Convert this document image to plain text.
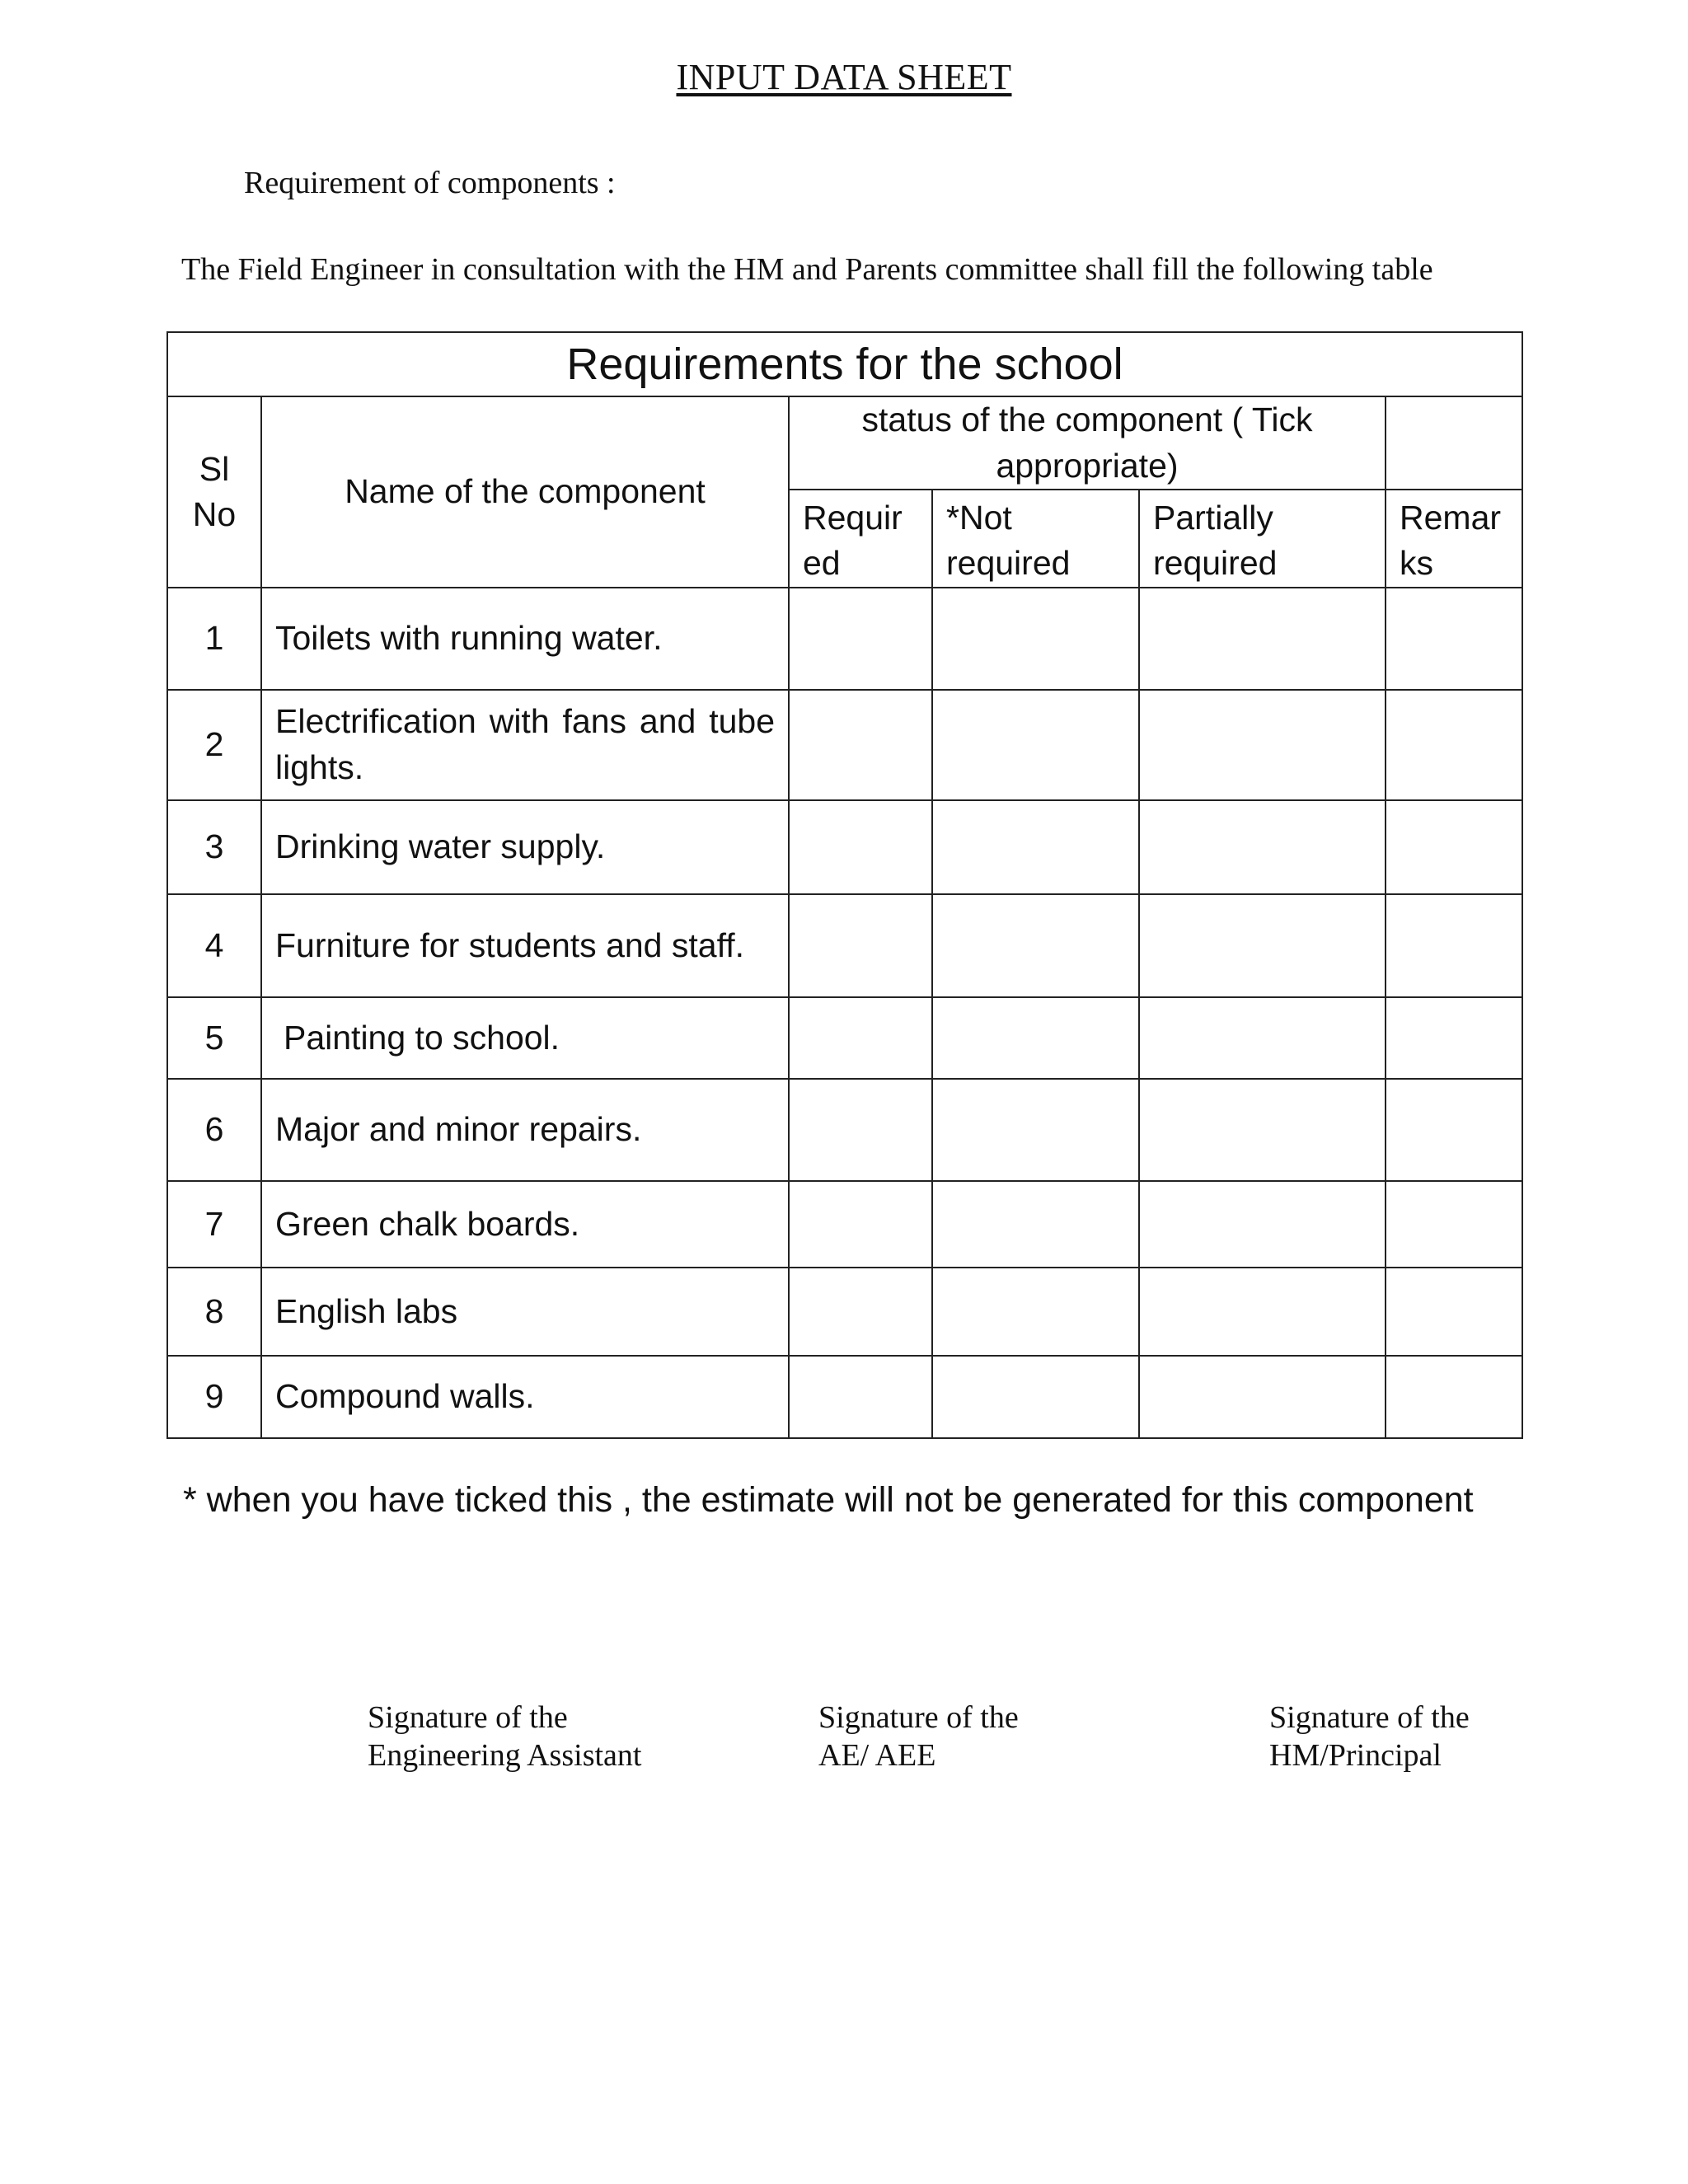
INPUT DATA SHEET
Requirement of components :
The Field Engineer in consultation with the HM and Parents committee shall fill the following table
Requirements for the school					
Sl No	Name of the component	status of the component ( Tick appropriate)			
		Requir ed	*Not required	Partially required	Remar ks
1	Toilets with running water.				
2	Electrification with fans and tube lights.				
3	Drinking water supply.				
4	Furniture for students and staff.				
5	Painting to school.				
6	Major and minor repairs.				
7	Green chalk boards.				
8	English labs				
9	Compound walls.				
* when you have ticked this , the estimate will not be generated for this component
Signature of the
Engineering Assistant
Signature of the
AE/ AEE
Signature of the
HM/Principal
